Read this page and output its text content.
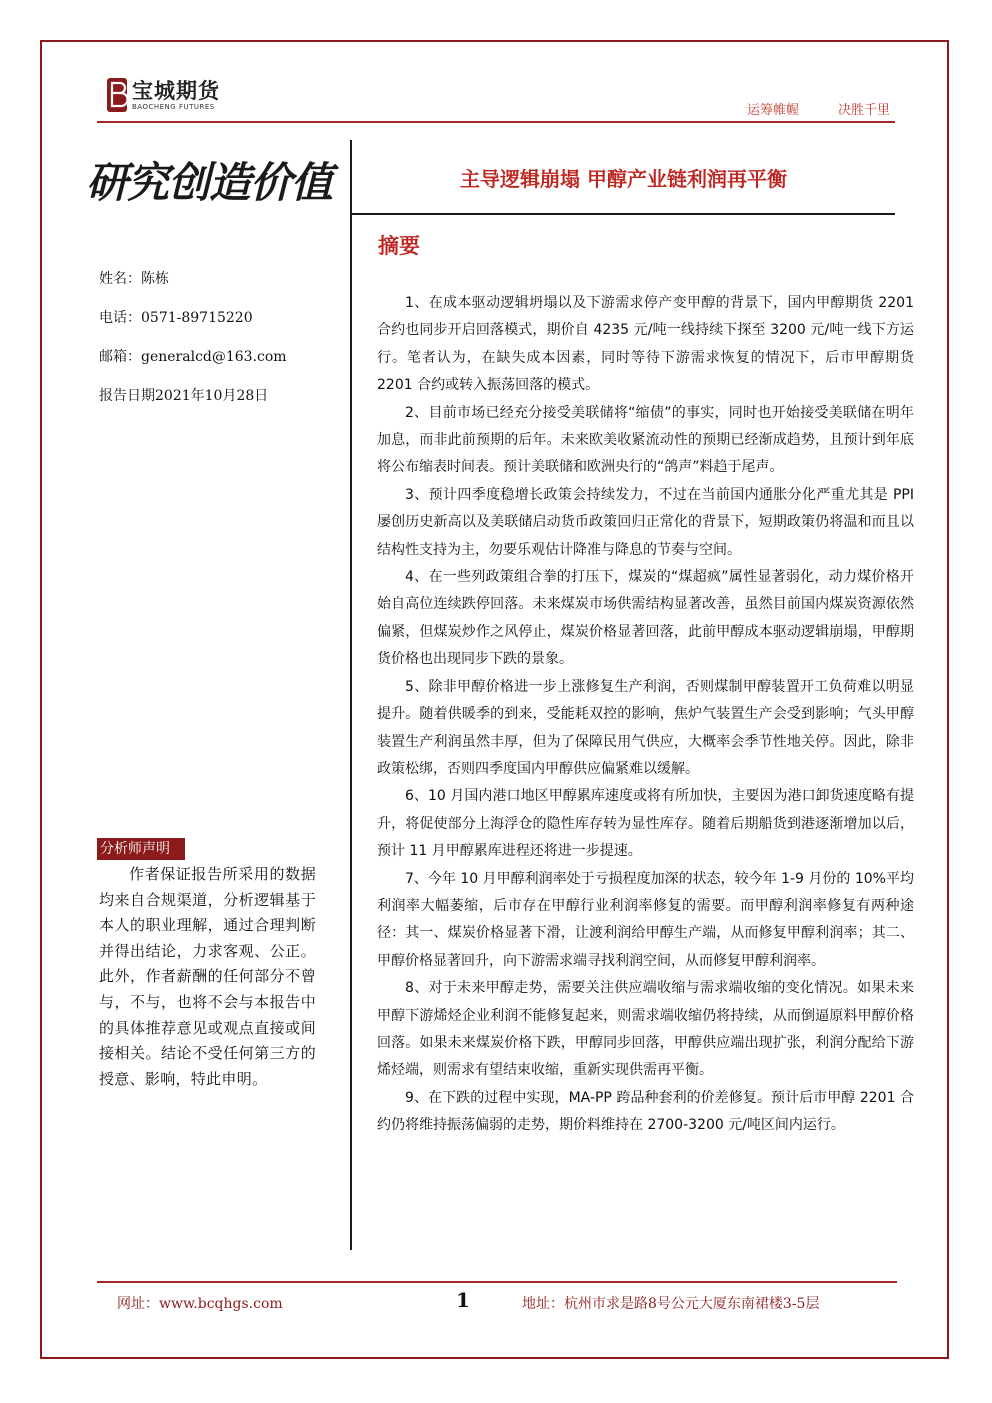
宝城期货
BAOCHENG FUTURES	运筹帷幄	决胜千里
研究创造价值	主导逻辑崩塌 甲醇产业链利润再平衡
摘要
姓名：陈栋
电话：0571-89715220
邮箱：generalcd@163.com
报告日期2021年10月28日
分析师声明
作者保证报告所采用的数据均来自合规渠道，分析逻辑基于本人的职业理解，通过合理判断并得出结论，力求客观、公正。此外，作者薪酬的任何部分不曾与，不与，也将不会与本报告中的具体推荐意见或观点直接或间接相关。结论不受任何第三方的授意、影响，特此申明。

1、在成本驱动逻辑坍塌以及下游需求停产变甲醇的背景下，国内甲醇期货 2201 合约也同步开启回落模式，期价自 4235 元/吨一线持续下探至 3200 元/吨一线下方运行。笔者认为，在缺失成本因素，同时等待下游需求恢复的情况下，后市甲醇期货 2201 合约或转入振荡回落的模式。

2、目前市场已经充分接受美联储将“缩债”的事实，同时也开始接受美联储在明年加息，而非此前预期的后年。未来欧美收紧流动性的预期已经渐成趋势，且预计到年底将公布缩表时间表。预计美联储和欧洲央行的“鸽声”料趋于尾声。

3、预计四季度稳增长政策会持续发力，不过在当前国内通胀分化严重尤其是 PPI 屡创历史新高以及美联储启动货币政策回归正常化的背景下，短期政策仍将温和而且以结构性支持为主，勿要乐观估计降准与降息的节奏与空间。

4、在一些列政策组合拳的打压下，煤炭的“煤超疯”属性显著弱化，动力煤价格开始自高位连续跌停回落。未来煤炭市场供需结构显著改善，虽然目前国内煤炭资源依然偏紧，但煤炭炒作之风停止，煤炭价格显著回落，此前甲醇成本驱动逻辑崩塌，甲醇期货价格也出现同步下跌的景象。

5、除非甲醇价格进一步上涨修复生产利润，否则煤制甲醇装置开工负荷难以明显提升。随着供暖季的到来，受能耗双控的影响，焦炉气装置生产会受到影响；气头甲醇装置生产利润虽然丰厚，但为了保障民用气供应，大概率会季节性地关停。因此，除非政策松绑，否则四季度国内甲醇供应偏紧难以缓解。

6、10 月国内港口地区甲醇累库速度或将有所加快，主要因为港口卸货速度略有提升，将促使部分上海浮仓的隐性库存转为显性库存。随着后期船货到港逐渐增加以后，预计 11 月甲醇累库进程还将进一步提速。

7、今年 10 月甲醇利润率处于亏损程度加深的状态，较今年 1-9 月份的 10%平均利润率大幅萎缩，后市存在甲醇行业利润率修复的需要。而甲醇利润率修复有两种途径：其一、煤炭价格显著下滑，让渡利润给甲醇生产端，从而修复甲醇利润率；其二、甲醇价格显著回升，向下游需求端寻找利润空间，从而修复甲醇利润率。

8、对于未来甲醇走势，需要关注供应端收缩与需求端收缩的变化情况。如果未来甲醇下游烯烃企业利润不能修复起来，则需求端收缩仍将持续，从而倒逼原料甲醇价格回落。如果未来煤炭价格下跌，甲醇同步回落，甲醇供应端出现扩张，利润分配给下游烯烃端，则需求有望结束收缩，重新实现供需再平衡。

9、在下跌的过程中实现，MA-PP 跨品种套利的价差修复。预计后市甲醇 2201 合约仍将维持振荡偏弱的走势，期价料维持在 2700-3200 元/吨区间内运行。

网址：www.bcqhgs.com	1	地址：杭州市求是路8号公元大厦东南裙楼3-5层
